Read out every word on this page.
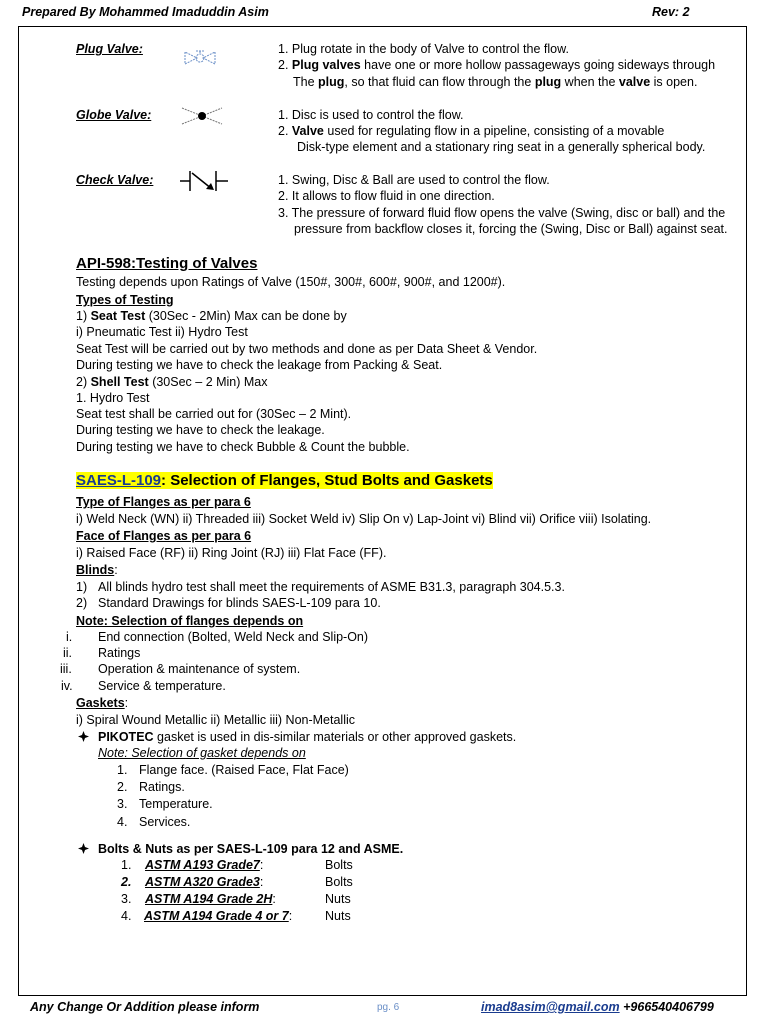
Prepared By Mohammed Imaduddin Asim	Rev: 2
Plug Valve:	1. Plug rotate in the body of Valve to control the flow.
2. Plug valves have one or more hollow passageways going sideways through
The plug, so that fluid can flow through the plug when the valve is open.
Globe Valve:	1. Disc is used to control the flow.
2. Valve used for regulating flow in a pipeline, consisting of a movable
Disk-type element and a stationary ring seat in a generally spherical body.
Check Valve:	1. Swing, Disc & Ball are used to control the flow.
2. It allows to flow fluid in one direction.
3. The pressure of forward fluid flow opens the valve (Swing, disc or ball) and the
pressure from backflow closes it, forcing the (Swing, Disc or Ball) against seat.
API-598:Testing of Valves
Testing depends upon Ratings of Valve (150#, 300#, 600#, 900#, and 1200#).
Types of Testing
1) Seat Test (30Sec - 2Min) Max can be done by
i) Pneumatic Test ii) Hydro Test
Seat Test will be carried out by two methods and done as per Data Sheet & Vendor.
During testing we have to check the leakage from Packing & Seat.
2) Shell Test (30Sec – 2 Min) Max
1. Hydro Test
Seat test shall be carried out for (30Sec – 2 Mint).
During testing we have to check the leakage.
During testing we have to check Bubble & Count the bubble.
SAES-L-109: Selection of Flanges, Stud Bolts and Gaskets
Type of Flanges as per para 6
i) Weld Neck (WN) ii) Threaded iii) Socket Weld iv) Slip On v) Lap-Joint vi) Blind vii) Orifice viii) Isolating.
Face of Flanges as per para 6
i) Raised Face (RF) ii) Ring Joint (RJ) iii) Flat Face (FF).
Blinds:
1) All blinds hydro test shall meet the requirements of ASME B31.3, paragraph 304.5.3.
2) Standard Drawings for blinds SAES-L-109 para 10.
Note: Selection of flanges depends on
i. End connection (Bolted, Weld Neck and Slip-On)
ii. Ratings
iii. Operation & maintenance of system.
iv. Service & temperature.
Gaskets:
i) Spiral Wound Metallic ii) Metallic iii) Non-Metallic
PIKOTEC gasket is used in dis-similar materials or other approved gaskets.
Note: Selection of gasket depends on
1. Flange face. (Raised Face, Flat Face)
2. Ratings.
3. Temperature.
4. Services.
Bolts & Nuts as per SAES-L-109 para 12 and ASME.
1. ASTM A193 Grade7:	Bolts
2. ASTM A320 Grade3:	Bolts
3. ASTM A194 Grade 2H:	Nuts
4. ASTM A194 Grade 4 or 7:	Nuts
Any Change Or Addition please inform	pg. 6	imad8asim@gmail.com +966540406799
